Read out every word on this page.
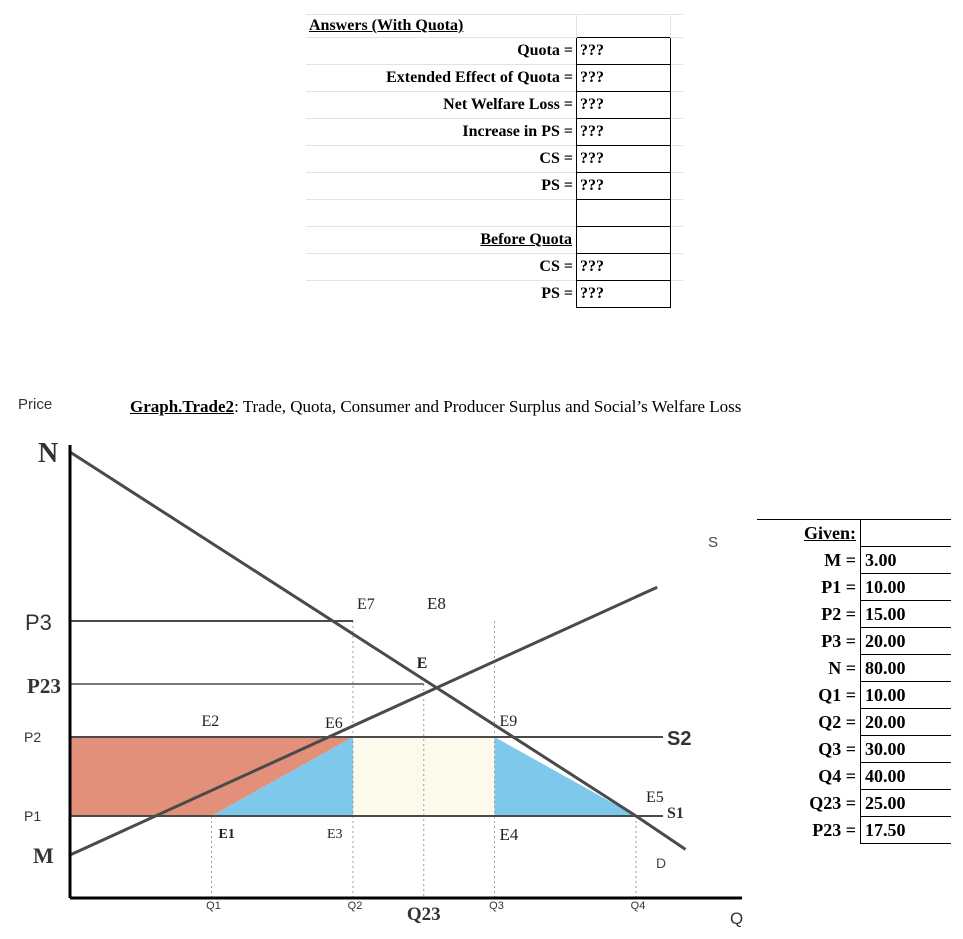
Answers (With Quota)		
Quota =	???	
Extended Effect of Quota =	???	
Net Welfare Loss =	???	
Increase in PS =	???	
CS =	???	
PS =	???	

Before Quota		
CS =	???	
PS =	???	
Graph.Trade2: Trade, Quota, Consumer and Producer Surplus and Social’s Welfare Loss
Price
Q
M
P1
P2
P23
P3
N
Q1	Q2 Q23	Q3	Q4
S
D
S2
S1
E1
E2
E3	E4
E5
E6
E7	E8
E9
E
Given:	
M =	3.00
P1 =	10.00
P2 =	15.00
P3 =	20.00
N =	80.00
Q1 =	10.00
Q2 =	20.00
Q3 =	30.00
Q4 =	40.00
Q23 =	25.00
P23 =	17.50
